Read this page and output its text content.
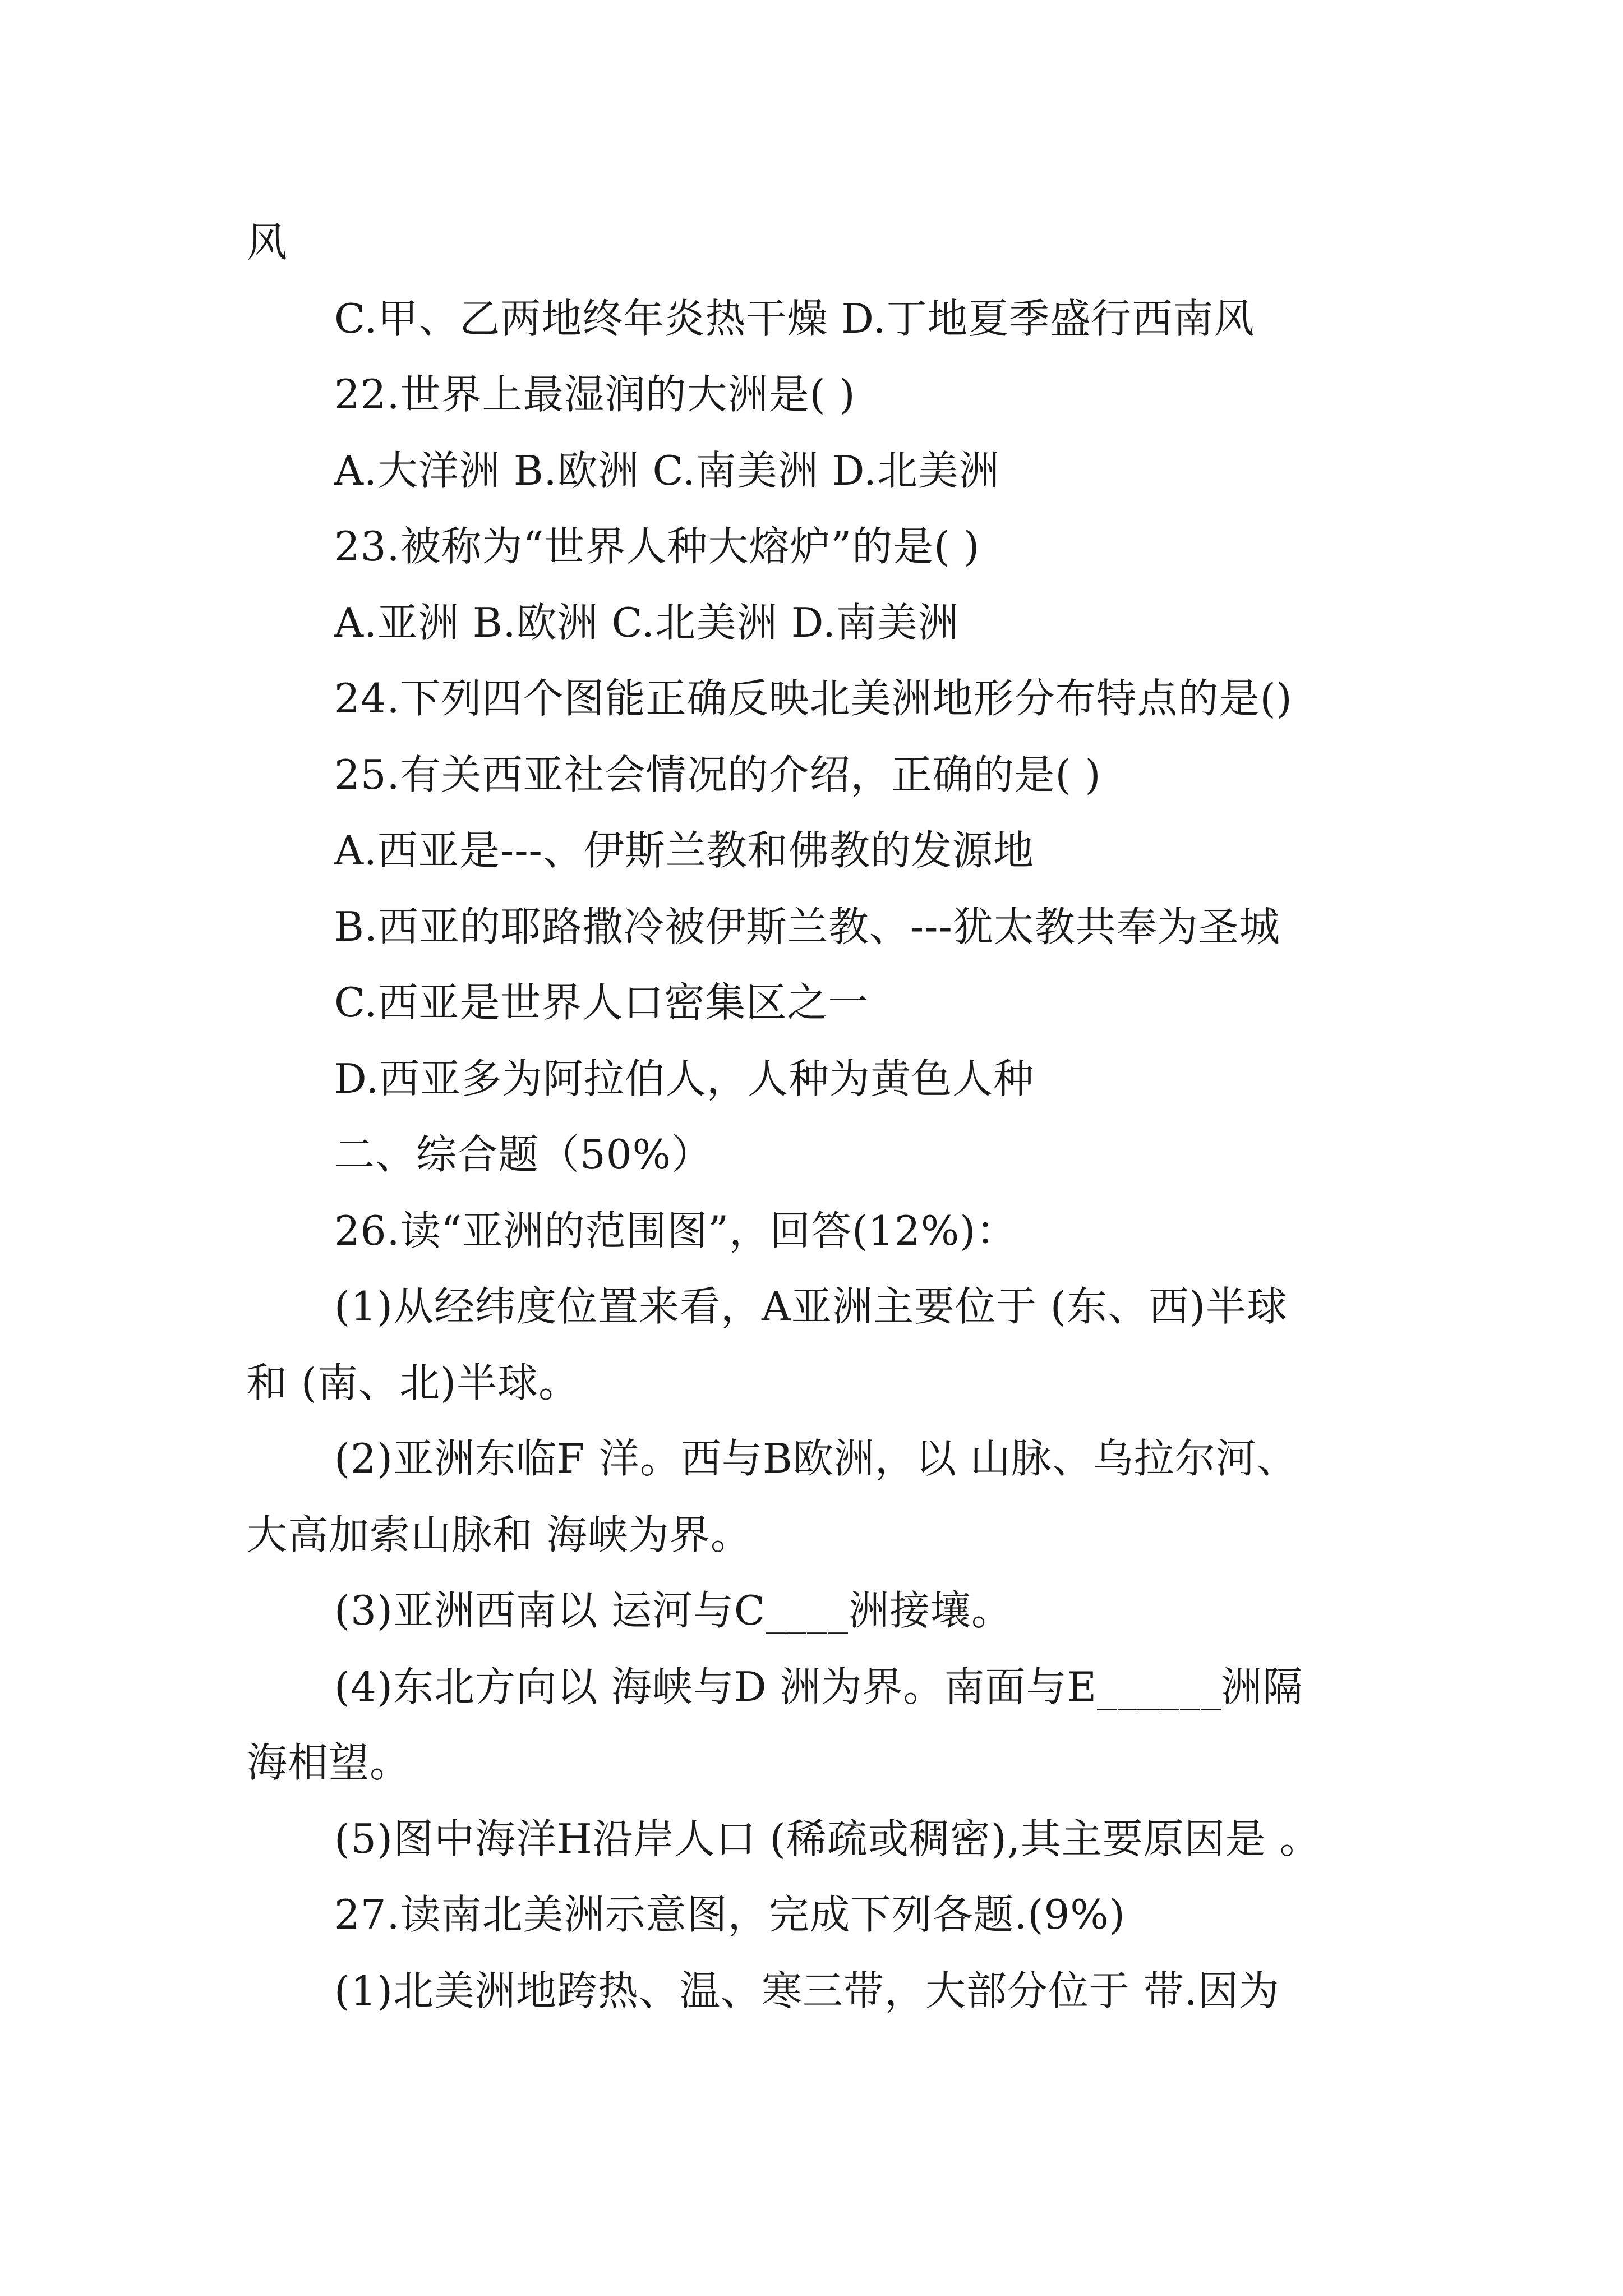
风

C.甲、乙两地终年炎热干燥 D.丁地夏季盛行西南风

22.世界上最湿润的大洲是( )

A.大洋洲 B.欧洲 C.南美洲 D.北美洲

23.被称为“世界人种大熔炉”的是( )

A.亚洲 B.欧洲 C.北美洲 D.南美洲

24.下列四个图能正确反映北美洲地形分布特点的是()

25.有关西亚社会情况的介绍，正确的是( )

A.西亚是---、伊斯兰教和佛教的发源地

B.西亚的耶路撒冷被伊斯兰教、---犹太教共奉为圣城

C.西亚是世界人口密集区之一

D.西亚多为阿拉伯人，人种为黄色人种

二、综合题（50%）

26.读“亚洲的范围图”，回答(12%)：

(1)从经纬度位置来看，A亚洲主要位于 (东、西)半球

和 (南、北)半球。

(2)亚洲东临F 洋。西与B欧洲，以 山脉、乌拉尔河、

大高加索山脉和 海峡为界。

(3)亚洲西南以 运河与C____洲接壤。

(4)东北方向以 海峡与D 洲为界。南面与E______洲隔

海相望。

(5)图中海洋H沿岸人口 (稀疏或稠密),其主要原因是 。

27.读南北美洲示意图，完成下列各题.(9%)

(1)北美洲地跨热、温、寒三带，大部分位于 带.因为
